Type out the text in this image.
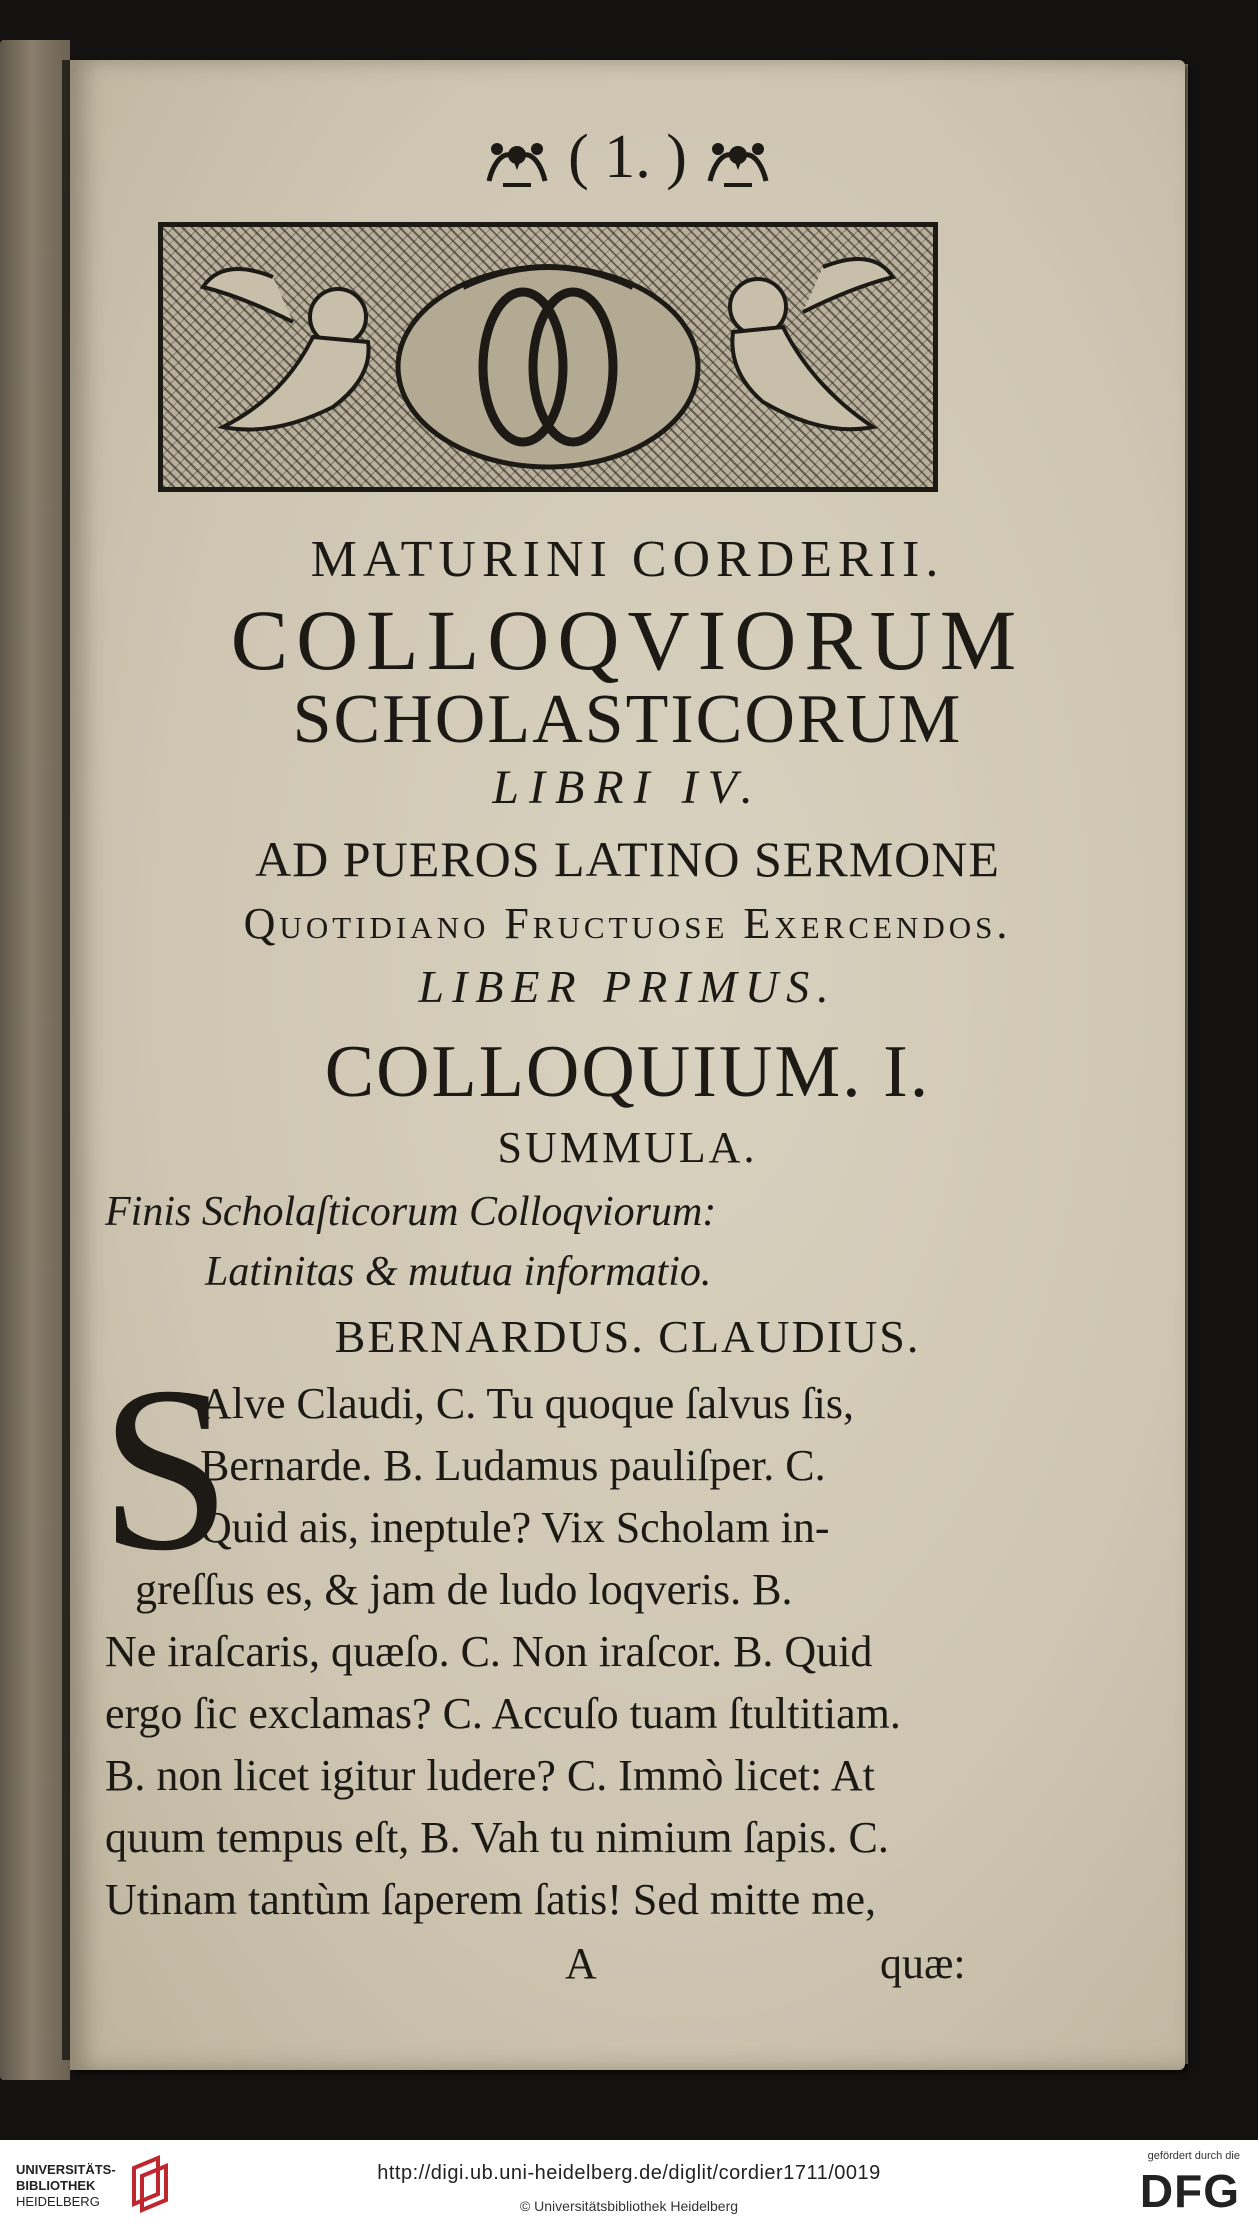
( 1. )
MATURINI CORDERII.
COLLOQVIORUM
SCHOLASTICORUM
LIBRI IV.
AD PUEROS LATINO SERMONE
Quotidiano Fructuose Exercendos.
LIBER PRIMUS.
COLLOQUIUM. I.
SUMMULA.
Finis Scholaſticorum Colloqviorum:
Latinitas & mutua informatio.
BERNARDUS. CLAUDIUS.
S
Alve Claudi, C. Tu quoque ſalvus ſis,
Bernarde. B. Ludamus pauliſper. C.
Quid ais, ineptule? Vix Scholam in-
greſſus es, & jam de ludo loqveris. B.
Ne iraſcaris, quæſo. C. Non iraſcor. B. Quid
ergo ſic exclamas? C. Accuſo tuam ſtultitiam.
B. non licet igitur ludere? C. Immò licet: At
quum tempus eſt, B. Vah tu nimium ſapis. C.
Utinam tantùm ſaperem ſatis! Sed mitte me,
A	quæ:
UNIVERSITÄTS-
BIBLIOTHEK
HEIDELBERG
http://digi.ub.uni-heidelberg.de/diglit/cordier1711/0019
© Universitätsbibliothek Heidelberg
gefördert durch die
DFG
